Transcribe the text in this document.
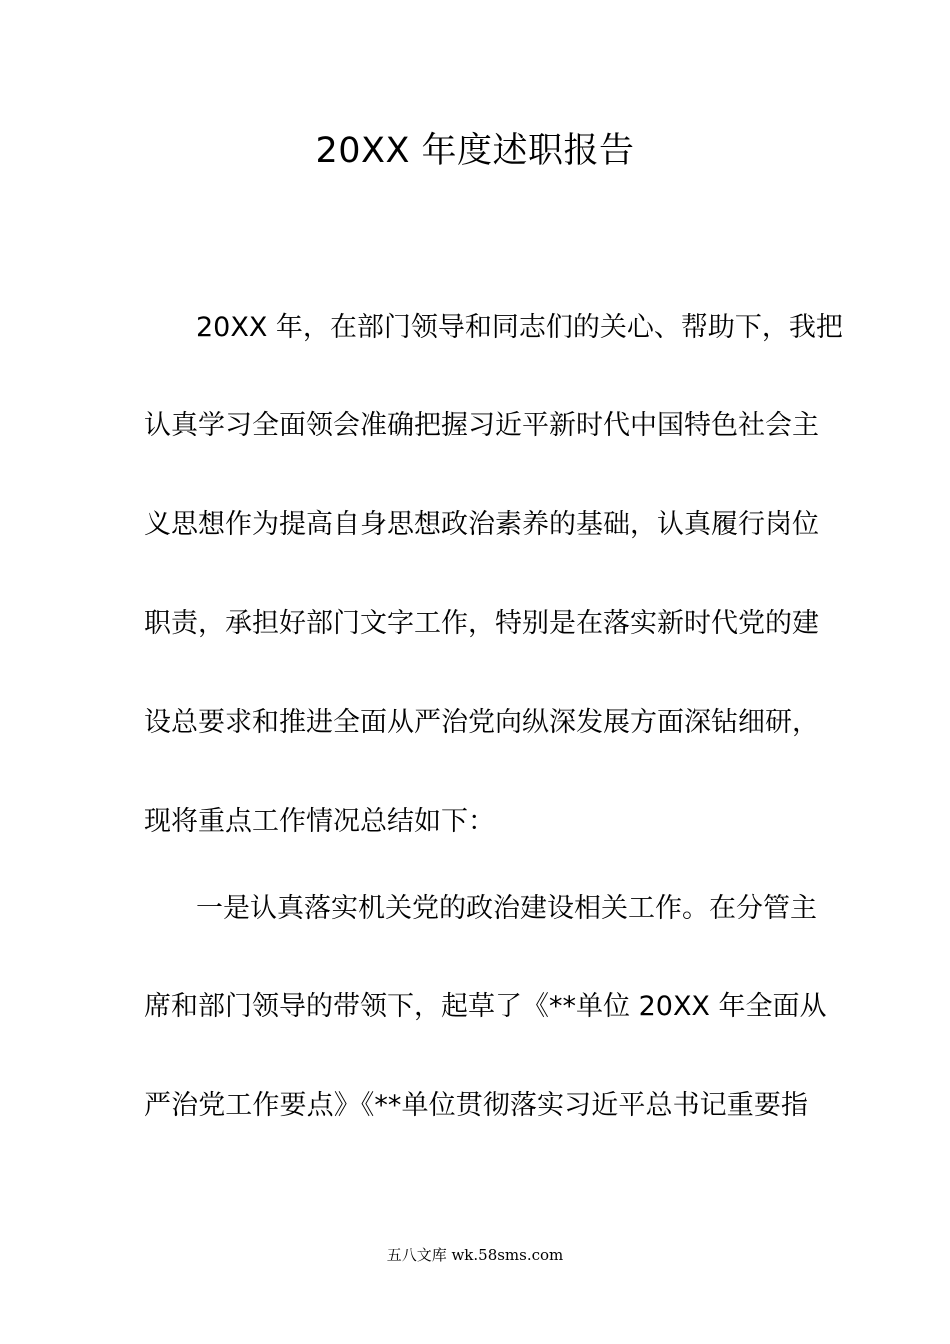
20XX 年度述职报告
20XX 年，在部门领导和同志们的关心、帮助下，我把
认真学习全面领会准确把握习近平新时代中国特色社会主
义思想作为提高自身思想政治素养的基础，认真履行岗位
职责，承担好部门文字工作，特别是在落实新时代党的建
设总要求和推进全面从严治党向纵深发展方面深钻细研，
现将重点工作情况总结如下：
一是认真落实机关党的政治建设相关工作。在分管主
席和部门领导的带领下，起草了《**单位 20XX 年全面从
严治党工作要点》《**单位贯彻落实习近平总书记重要指
五八文库 wk.58sms.com
